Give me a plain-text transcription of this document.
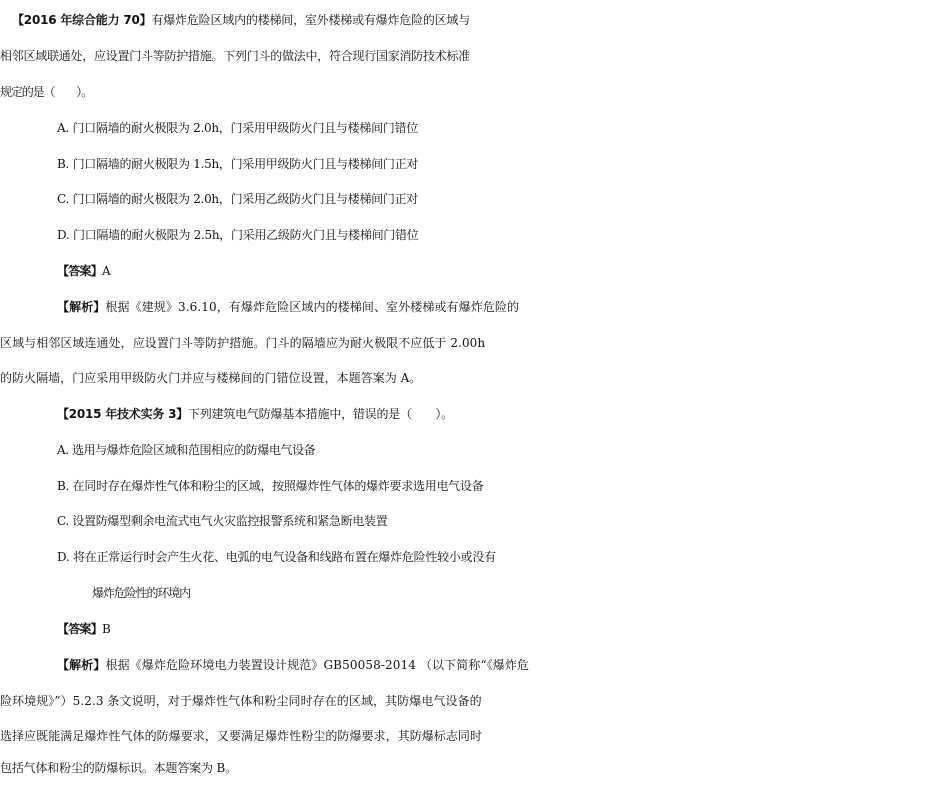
【2016 年综合能力 70】有爆炸危险区域内的楼梯间，室外楼梯或有爆炸危险的区域与
相邻区域联通处，应设置门斗等防护措施。下列门斗的做法中，符合现行国家消防技术标准
规定的是（　　）。
A. 门口隔墙的耐火极限为 2.0h，门采用甲级防火门且与楼梯间门错位
B. 门口隔墙的耐火极限为 1.5h，门采用甲级防火门且与楼梯间门正对
C. 门口隔墙的耐火极限为 2.0h，门采用乙级防火门且与楼梯间门正对
D. 门口隔墙的耐火极限为 2.5h，门采用乙级防火门且与楼梯间门错位
【答案】A
【解析】根据《建规》3.6.10，有爆炸危险区域内的楼梯间、室外楼梯或有爆炸危险的
区域与相邻区域连通处，应设置门斗等防护措施。门斗的隔墙应为耐火极限不应低于 2.00h
的防火隔墙，门应采用甲级防火门并应与楼梯间的门错位设置，本题答案为 A。
【2015 年技术实务 3】下列建筑电气防爆基本措施中，错误的是（　　）。
A. 选用与爆炸危险区域和范围相应的防爆电气设备
B. 在同时存在爆炸性气体和粉尘的区域，按照爆炸性气体的爆炸要求选用电气设备
C. 设置防爆型剩余电流式电气火灾监控报警系统和紧急断电装置
D. 将在正常运行时会产生火花、电弧的电气设备和线路布置在爆炸危险性较小或没有
爆炸危险性的环境内
【答案】B
【解析】根据《爆炸危险环境电力装置设计规范》GB50058-2014 （以下简称“《爆炸危
险环境规》”）5.2.3 条文说明，对于爆炸性气体和粉尘同时存在的区域，其防爆电气设备的
选择应既能满足爆炸性气体的防爆要求，又要满足爆炸性粉尘的防爆要求，其防爆标志同时
包括气体和粉尘的防爆标识。本题答案为 B。
